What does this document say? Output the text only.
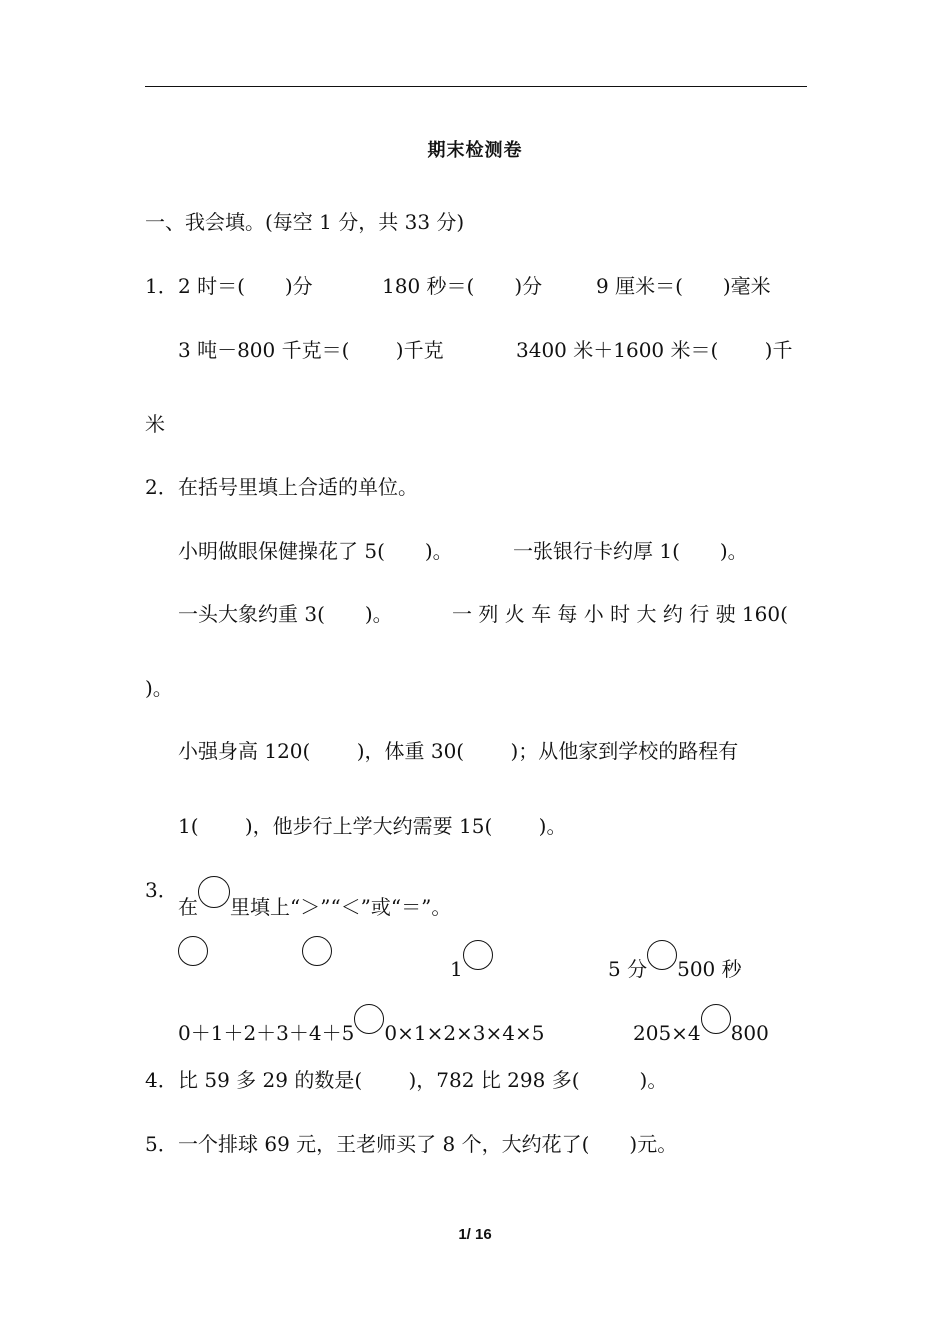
期末检测卷
一、我会填。(每空 1 分，共 33 分)
1． 2 时＝(　　)分	180 秒＝(　　)分	9 厘米＝(　　)毫米
3 吨－800 千克＝(　　 )千克	3400 米＋1600 米＝(　　 )千
米
2． 在括号里填上合适的单位。
小明做眼保健操花了 5(　　)。	一张银行卡约厚 1(　　)。
一头大象约重 3(　　)。	一 列 火 车 每 小 时 大 约 行 驶 160(
)。
小强身高 120(　　 )，体重 30(　　 )；从他家到学校的路程有
1(　　 )，他步行上学大约需要 15(　　 )。
3．
在 里填上“＞”“＜”或“＝”。
1	5 分 500 秒
0＋1＋2＋3＋4＋5 0×1×2×3×4×5	205×4 800
4． 比 59 多 29 的数是(　　 )，782 比 298 多(　　　)。
5． 一个排球 69 元，王老师买了 8 个，大约花了(　　)元。
1/ 16
